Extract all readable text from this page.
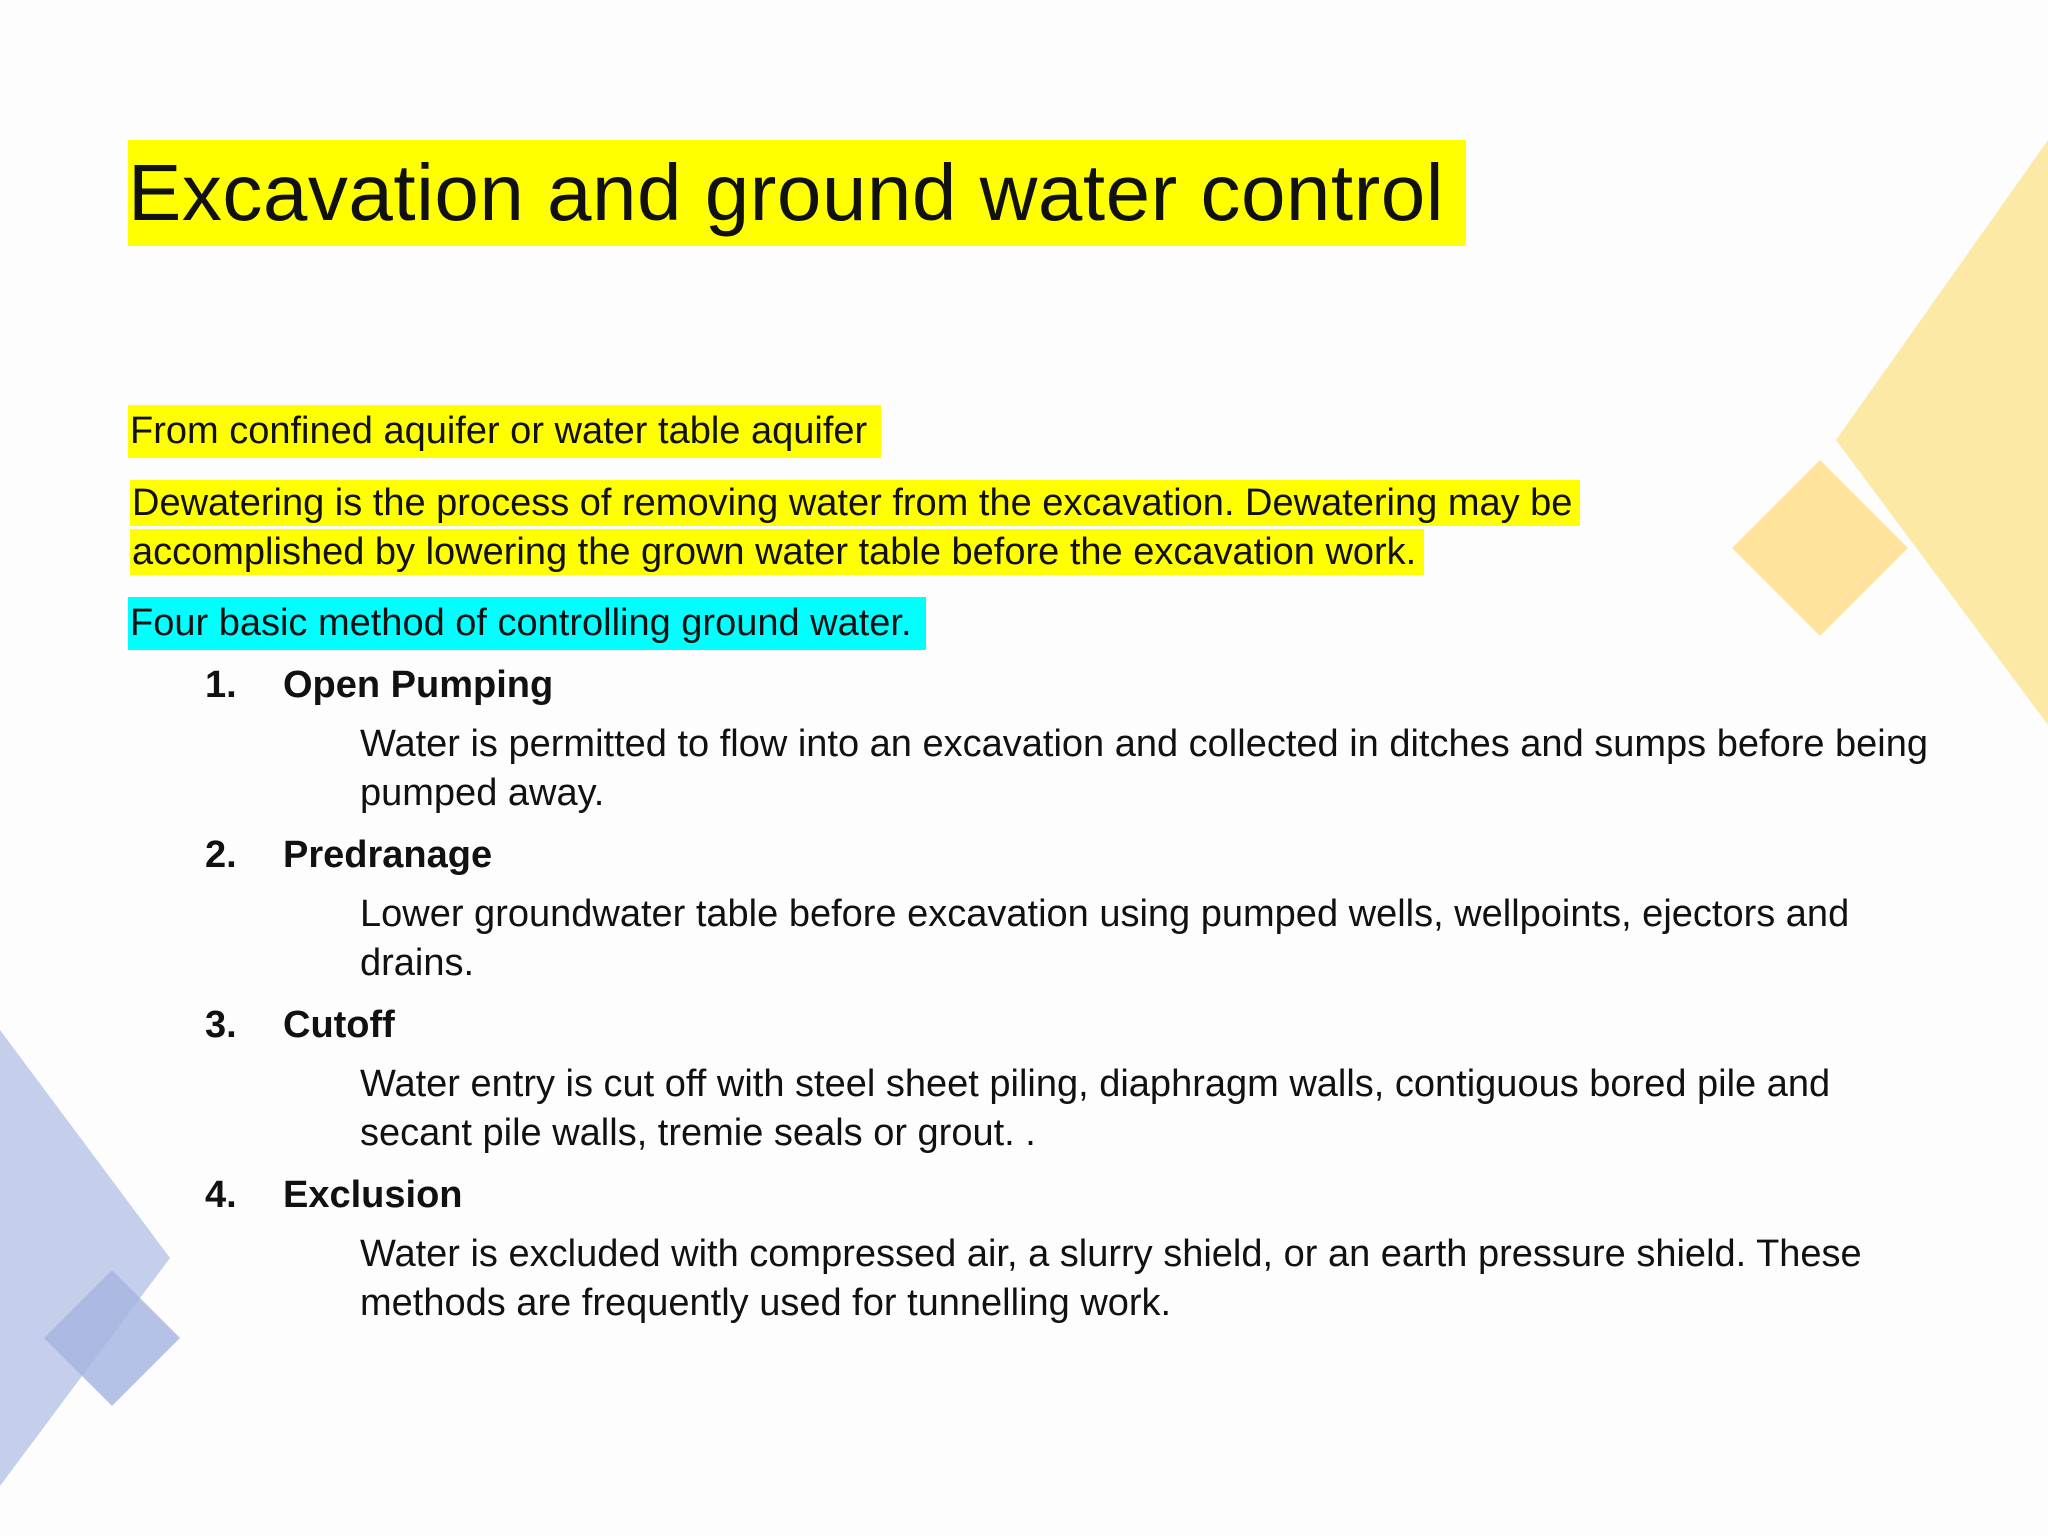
Excavation and ground water control
From confined aquifer or water table aquifer
Dewatering is the process of removing water from the excavation. Dewatering may be accomplished by lowering the grown water table before the excavation work.
Four basic method of controlling ground water.
1. Open Pumping
Water is permitted to flow into an excavation and collected in ditches and sumps before being pumped away.
2. Predranage
Lower groundwater table before excavation using pumped wells, wellpoints, ejectors and drains.
3. Cutoff
Water entry is cut off with steel sheet piling, diaphragm walls, contiguous bored pile and secant pile walls, tremie seals or grout. .
4. Exclusion
Water is excluded with compressed air, a slurry shield, or an earth pressure shield. These methods are frequently used for tunnelling work.
